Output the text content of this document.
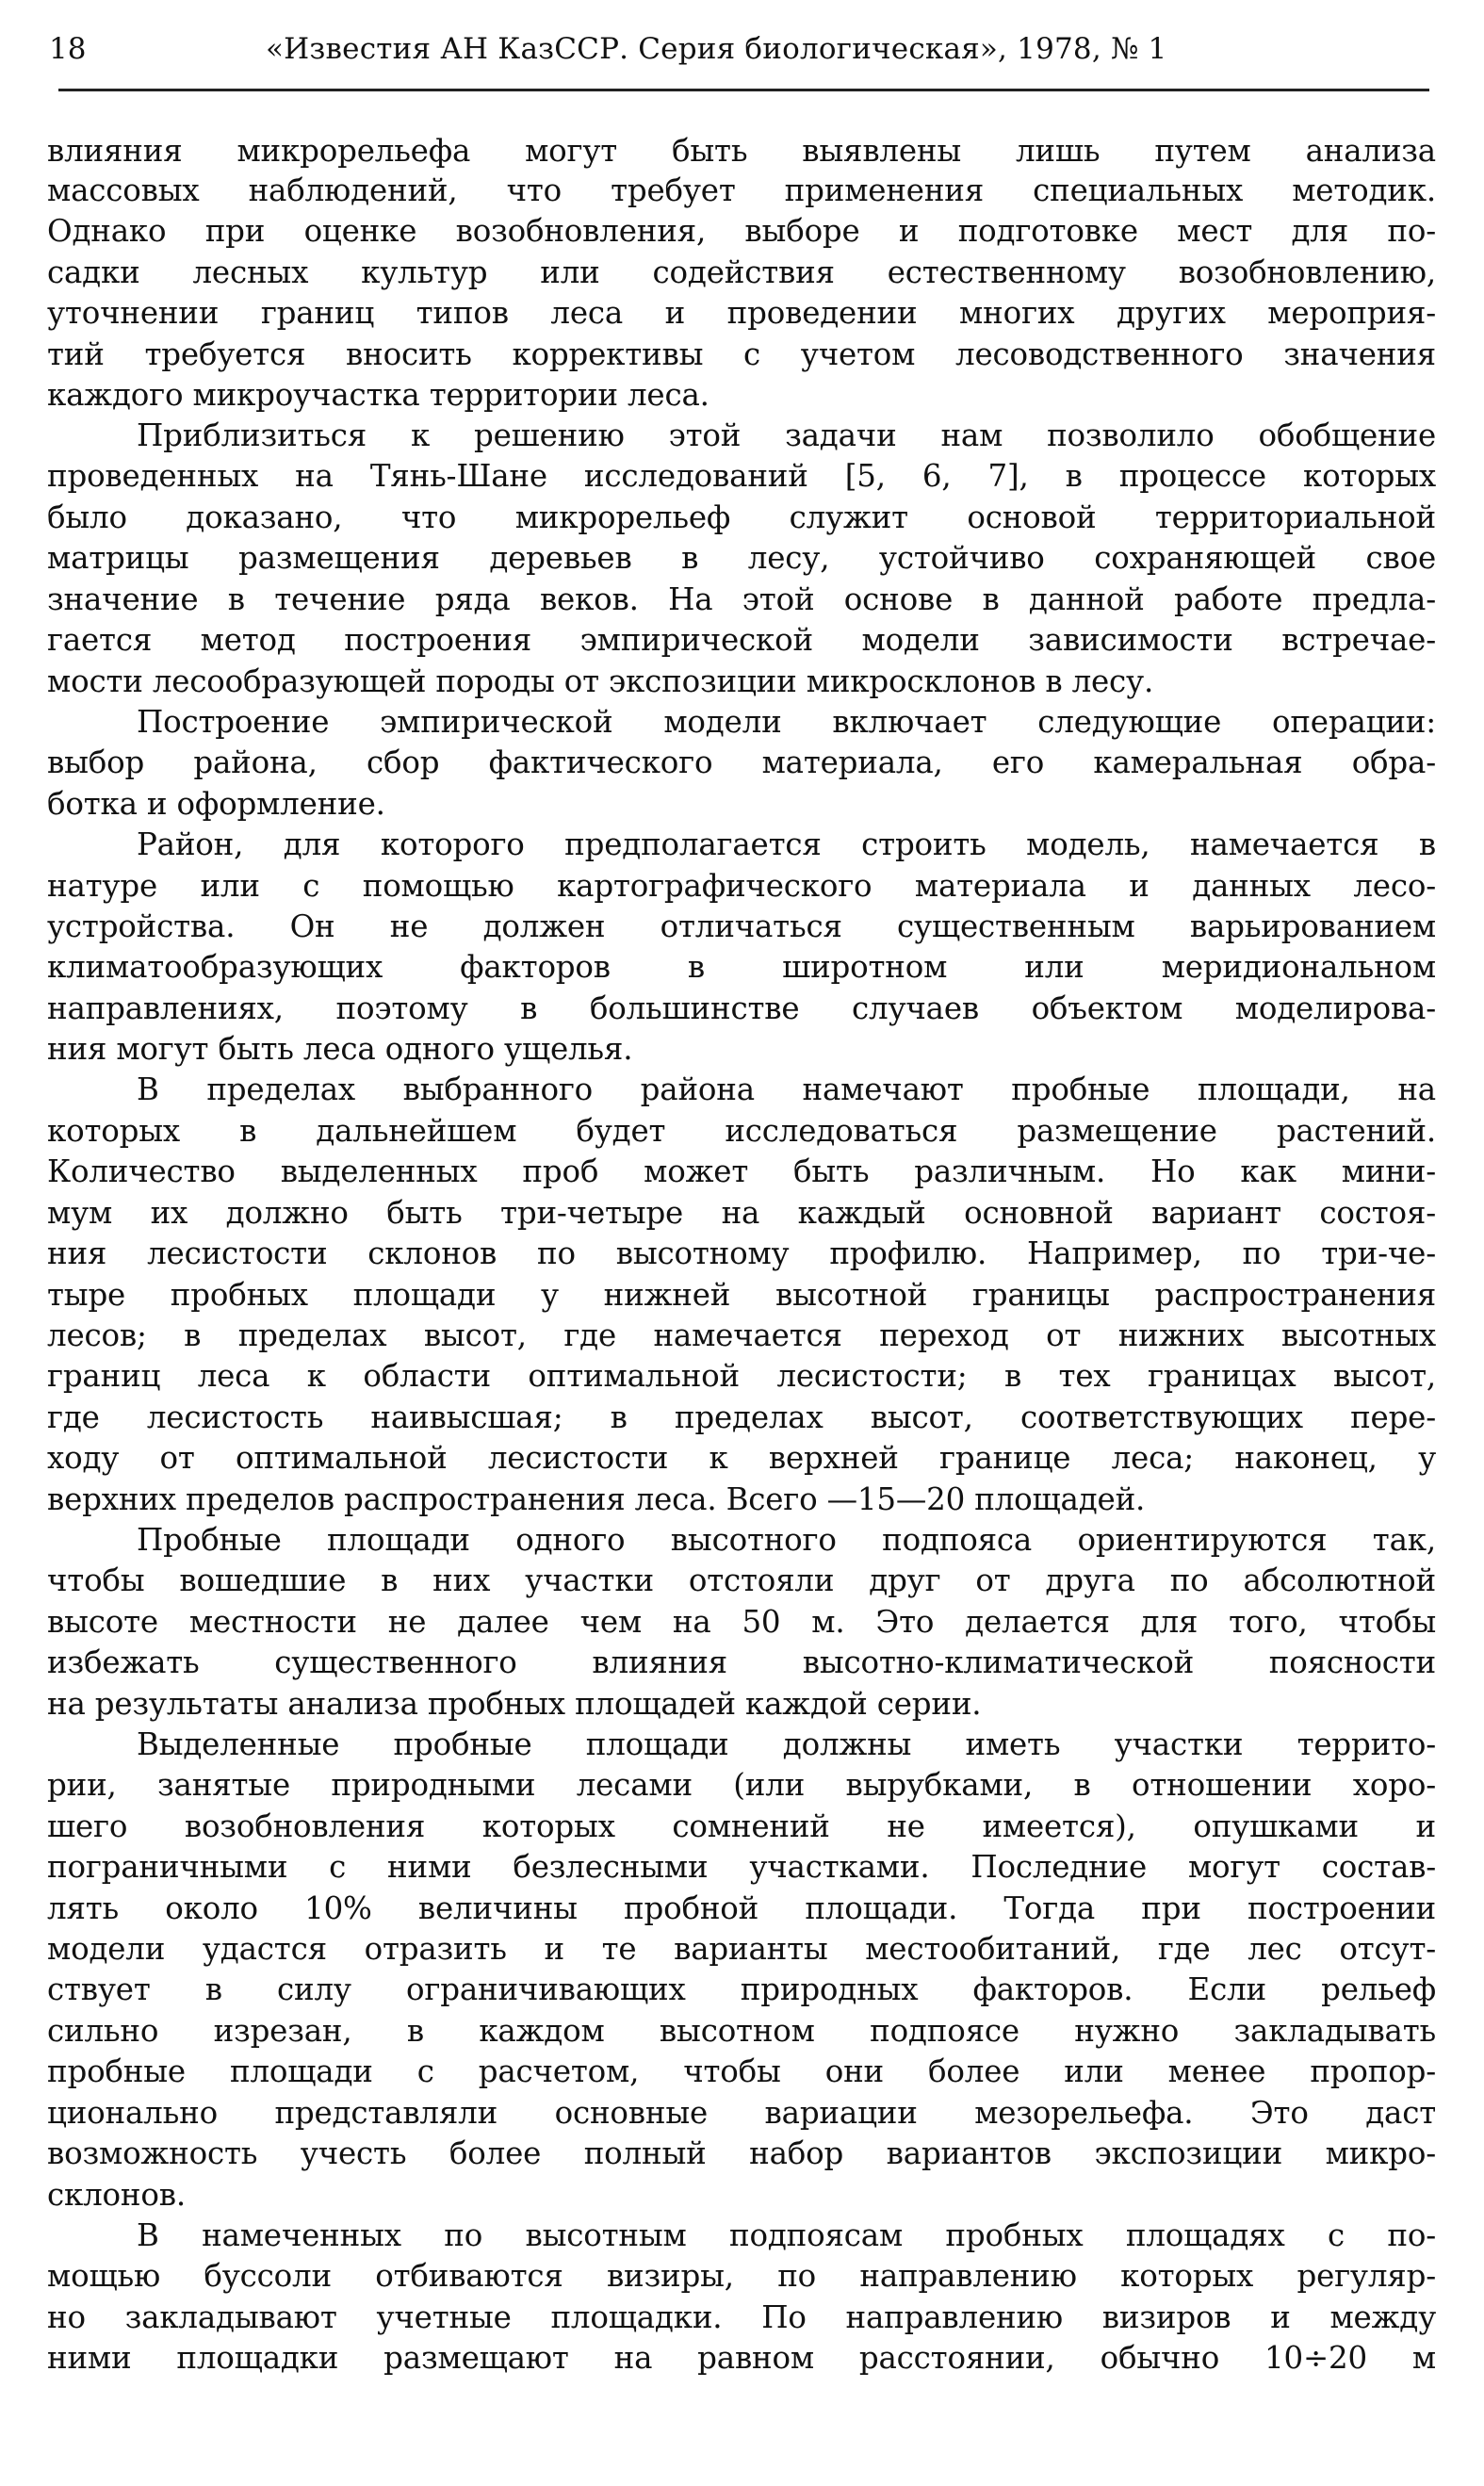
18	«Известия АН КазССР. Серия биологическая», 1978, № 1
влияния микрорельефа могут быть выявлены лишь путем анализа
массовых наблюдений, что требует применения специальных методик.
Однако при оценке возобновления, выборе и подготовке мест для по-
садки лесных культур или содействия естественному возобновлению,
уточнении границ типов леса и проведении многих других мероприя-
тий требуется вносить коррективы с учетом лесоводственного значения
каждого микроучастка территории леса.
Приблизиться к решению этой задачи нам позволило обобщение
проведенных на Тянь-Шане исследований [5, 6, 7], в процессе которых
было доказано, что микрорельеф служит основой территориальной
матрицы размещения деревьев в лесу, устойчиво сохраняющей свое
значение в течение ряда веков. На этой основе в данной работе предла-
гается метод построения эмпирической модели зависимости встречае-
мости лесообразующей породы от экспозиции микросклонов в лесу.
Построение эмпирической модели включает следующие операции:
выбор района, сбор фактического материала, его камеральная обра-
ботка и оформление.
Район, для которого предполагается строить модель, намечается в
натуре или с помощью картографического материала и данных лесо-
устройства. Он не должен отличаться существенным варьированием
климатообразующих факторов в широтном или меридиональном
направлениях, поэтому в большинстве случаев объектом моделирова-
ния могут быть леса одного ущелья.
В пределах выбранного района намечают пробные площади, на
которых в дальнейшем будет исследоваться размещение растений.
Количество выделенных проб может быть различным. Но как мини-
мум их должно быть три-четыре на каждый основной вариант состоя-
ния лесистости склонов по высотному профилю. Например, по три-че-
тыре пробных площади у нижней высотной границы распространения
лесов; в пределах высот, где намечается переход от нижних высотных
границ леса к области оптимальной лесистости; в тех границах высот,
где лесистость наивысшая; в пределах высот, соответствующих пере-
ходу от оптимальной лесистости к верхней границе леса; наконец, у
верхних пределов распространения леса. Всего —15—20 площадей.
Пробные площади одного высотного подпояса ориентируются так,
чтобы вошедшие в них участки отстояли друг от друга по абсолютной
высоте местности не далее чем на 50 м. Это делается для того, чтобы
избежать существенного влияния высотно-климатической поясности
на результаты анализа пробных площадей каждой серии.
Выделенные пробные площади должны иметь участки террито-
рии, занятые природными лесами (или вырубками, в отношении хоро-
шего возобновления которых сомнений не имеется), опушками и
пограничными с ними безлесными участками. Последние могут состав-
лять около 10% величины пробной площади. Тогда при построении
модели удастся отразить и те варианты местообитаний, где лес отсут-
ствует в силу ограничивающих природных факторов. Если рельеф
сильно изрезан, в каждом высотном подпоясе нужно закладывать
пробные площади с расчетом, чтобы они более или менее пропор-
ционально представляли основные вариации мезорельефа. Это даст
возможность учесть более полный набор вариантов экспозиции микро-
склонов.
В намеченных по высотным подпоясам пробных площадях с по-
мощью буссоли отбиваются визиры, по направлению которых регуляр-
но закладывают учетные площадки. По направлению визиров и между
ними площадки размещают на равном расстоянии, обычно 10÷20 м
